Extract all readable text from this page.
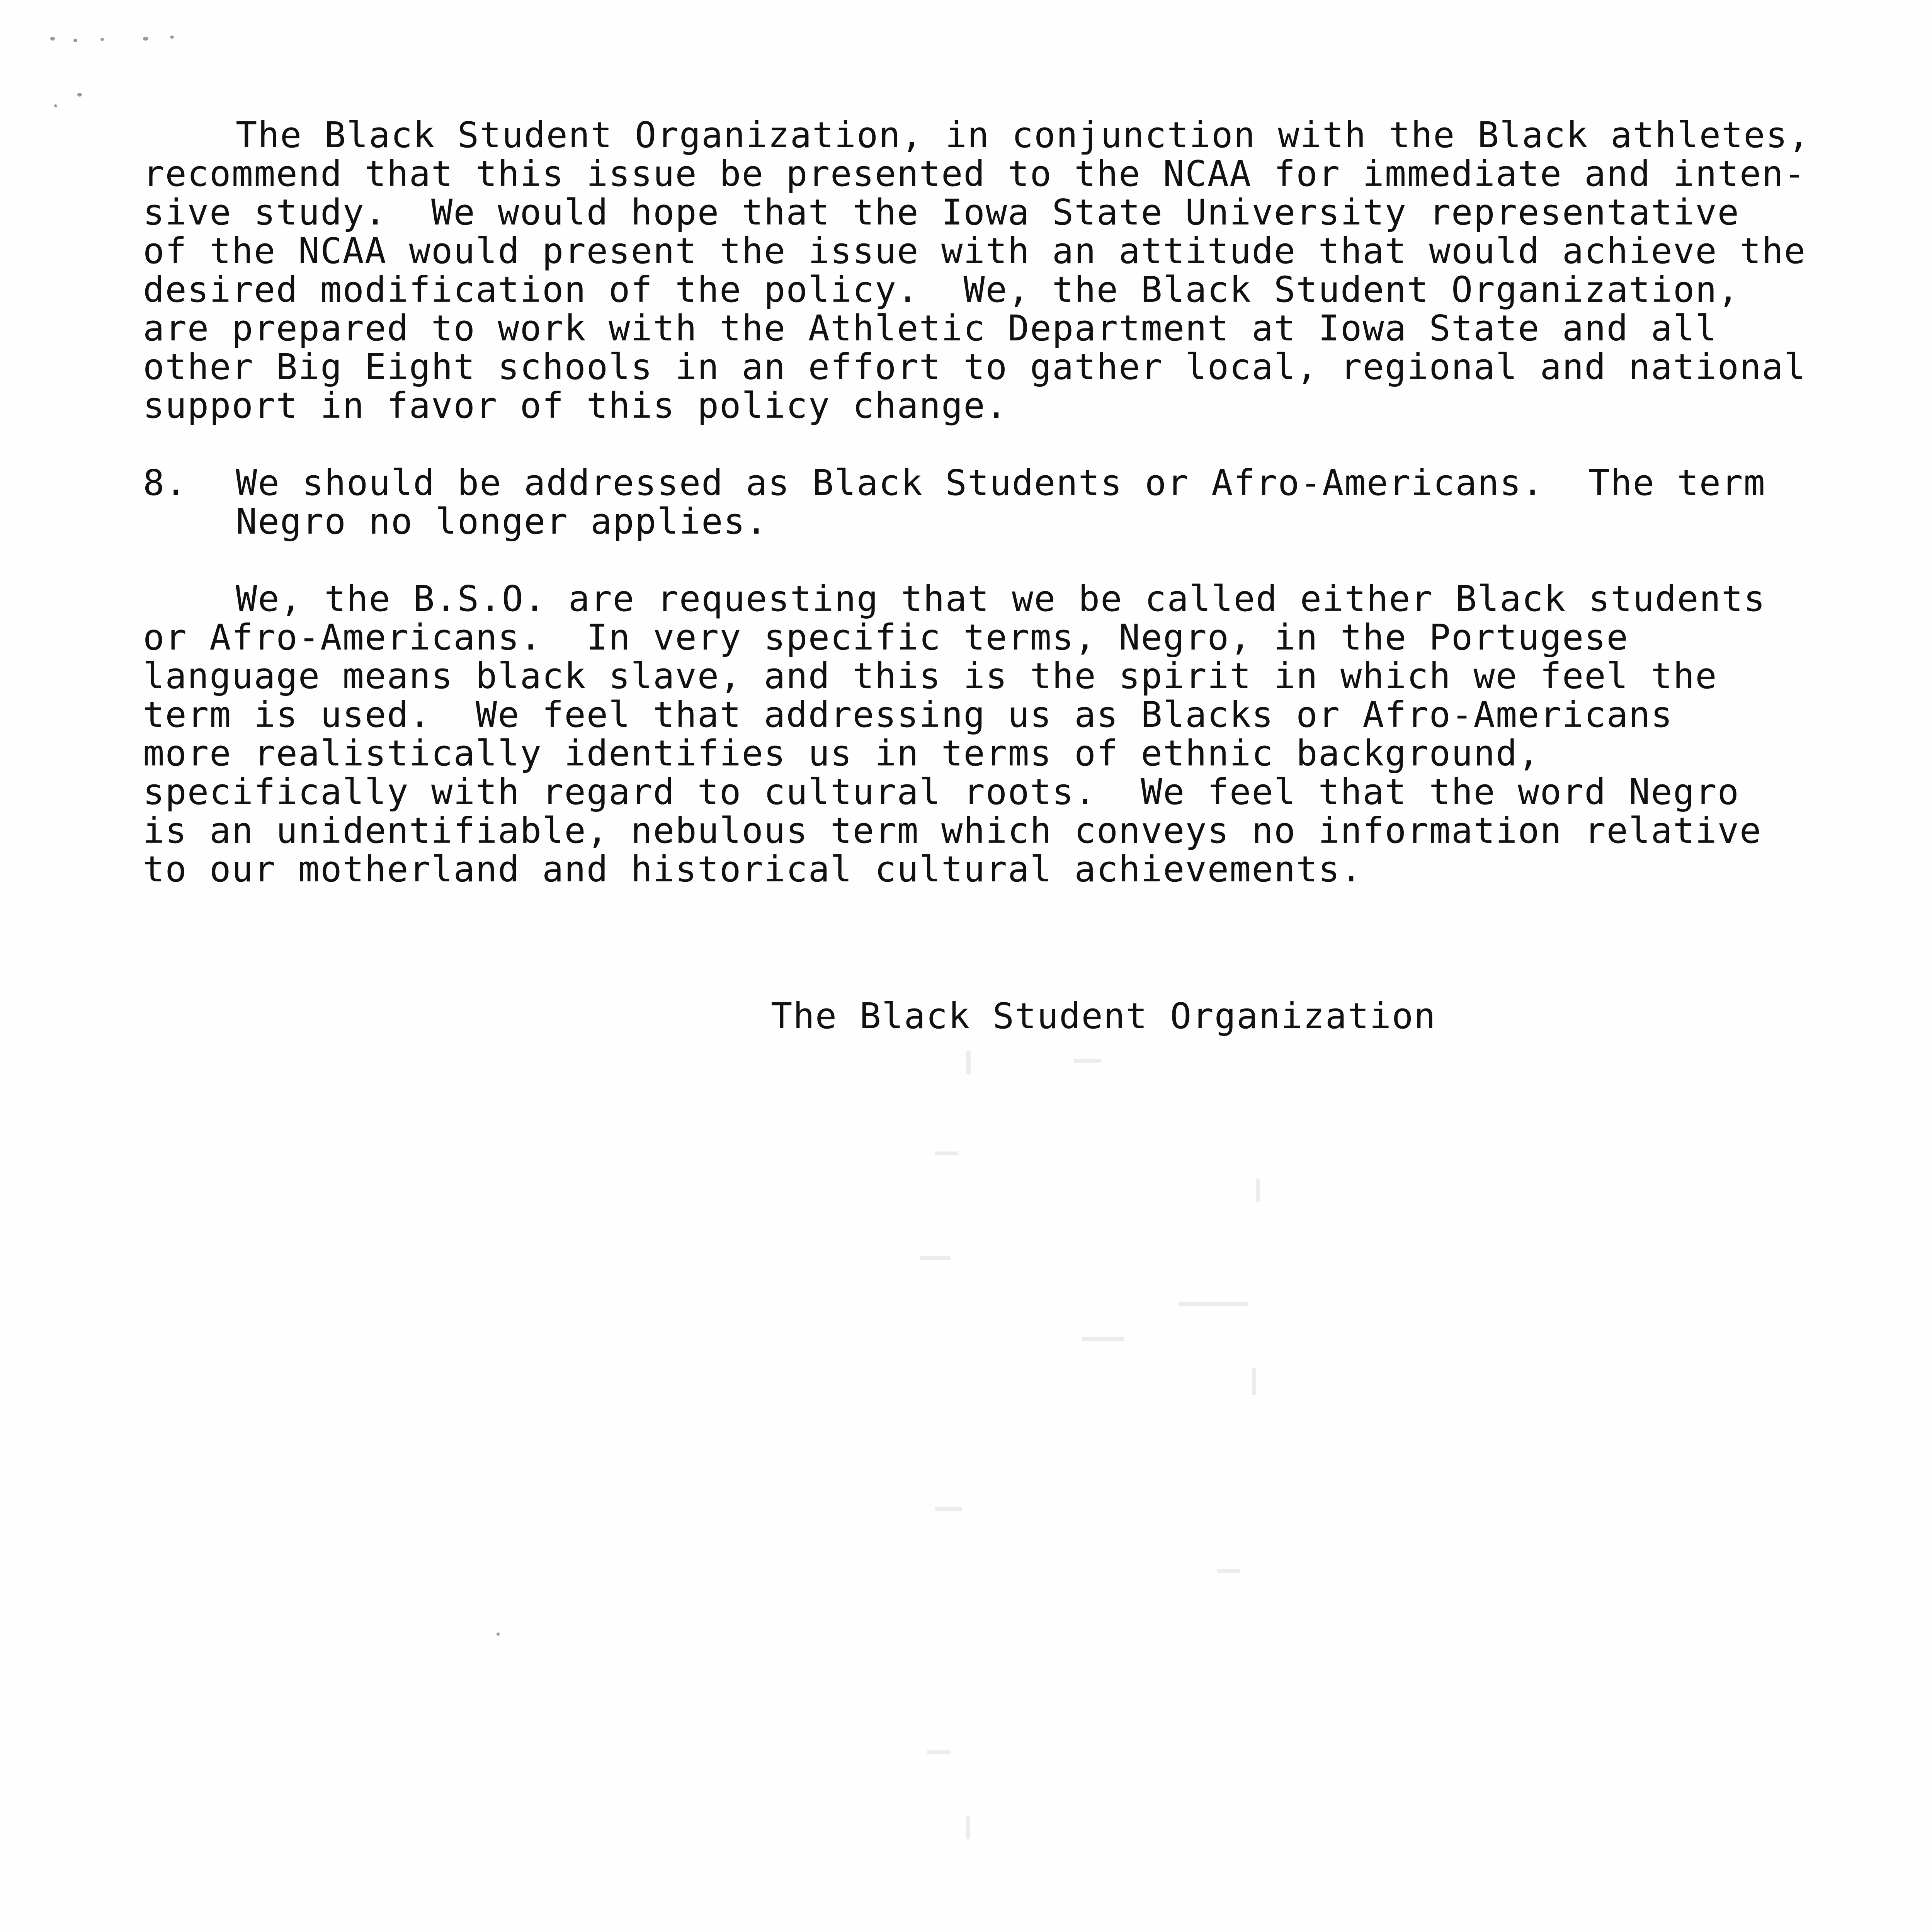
The Black Student Organization, in conjunction with the Black athletes,

recommend that this issue be presented to the NCAA for immediate and inten-

sive study.  We would hope that the Iowa State University representative

of the NCAA would present the issue with an attitude that would achieve the

desired modification of the policy.  We, the Black Student Organization,

are prepared to work with the Athletic Department at Iowa State and all

other Big Eight schools in an effort to gather local, regional and national

support in favor of this policy change.

8. We should be addressed as Black Students or Afro-Americans.  The term

Negro no longer applies.

We, the B.S.O. are requesting that we be called either Black students

or Afro-Americans.  In very specific terms, Negro, in the Portugese

language means black slave, and this is the spirit in which we feel the

term is used.  We feel that addressing us as Blacks or Afro-Americans

more realistically identifies us in terms of ethnic background,

specifically with regard to cultural roots.  We feel that the word Negro

is an unidentifiable, nebulous term which conveys no information relative

to our motherland and historical cultural achievements.

The Black Student Organization
